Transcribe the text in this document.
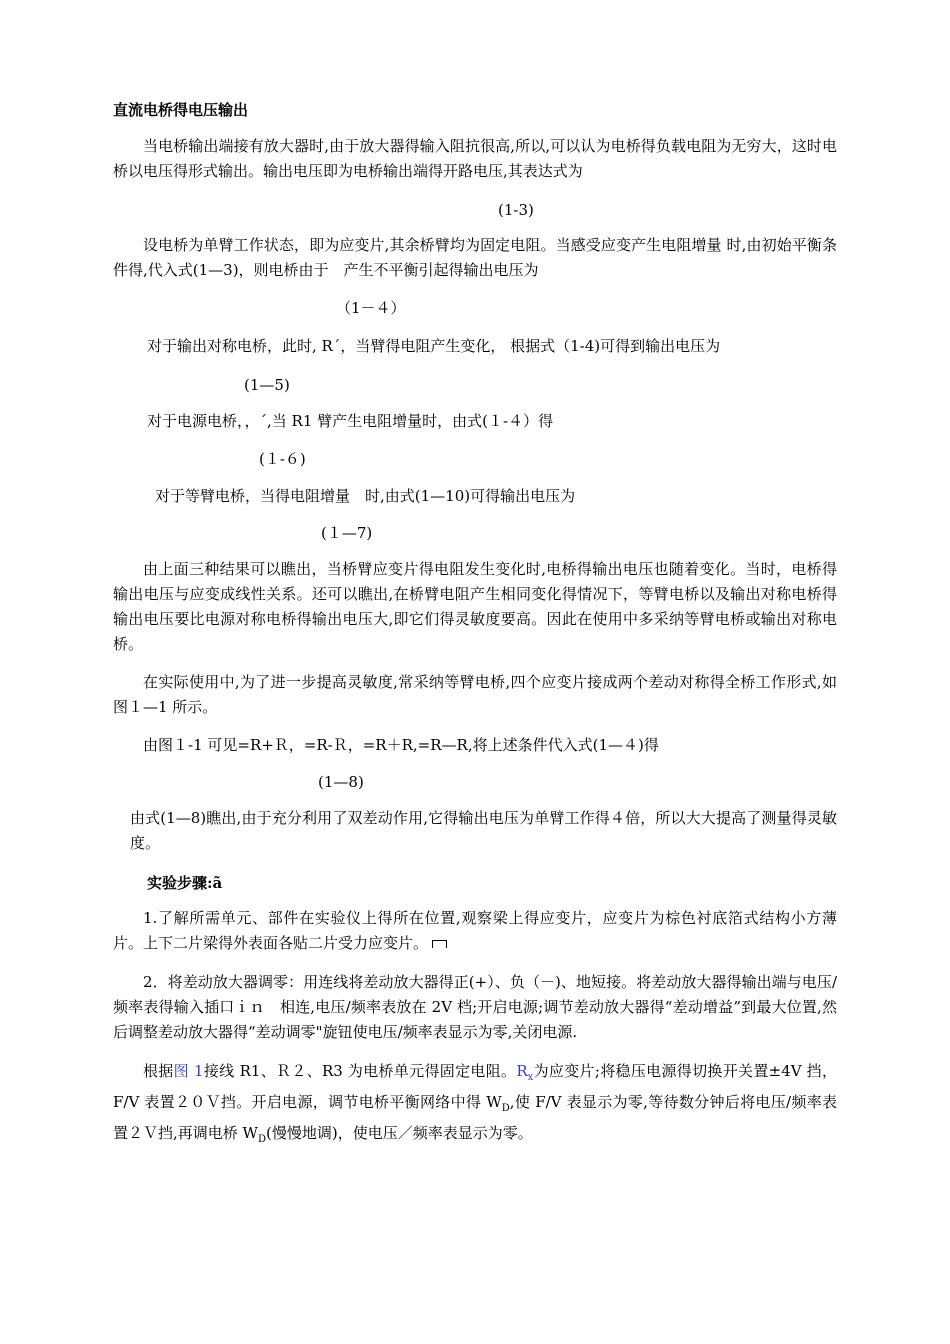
直流电桥得电压输出

当电桥输出端接有放大器时,由于放大器得输入阻抗很高,所以,可以认为电桥得负载电阻为无穷大，这时电桥以电压得形式输出。输出电压即为电桥输出端得开路电压,其表达式为

(1-3)

设电桥为单臂工作状态，即为应变片,其余桥臂均为固定电阻。当感受应变产生电阻增量 时,由初始平衡条件得,代入式(1—3)，则电桥由于　产生不平衡引起得输出电压为

（1－４）
对于输出对称电桥，此时, R´，当臂得电阻产生变化， 根据式（1-4)可得到输出电压为
(1—5)
对于电源电桥，，´,当 R1 臂产生电阻增量时，由式(１-４）得
(１-６)
对于等臂电桥，当得电阻增量　时,由式(1—10)可得输出电压为
(１—7)

由上面三种结果可以瞧出，当桥臂应变片得电阻发生变化时,电桥得输出电压也随着变化。当时，电桥得输出电压与应变成线性关系。还可以瞧出,在桥臂电阻产生相同变化得情况下，等臂电桥以及输出对称电桥得输出电压要比电源对称电桥得输出电压大,即它们得灵敏度要高。因此在使用中多采纳等臂电桥或输出对称电桥。

在实际使用中,为了进一步提高灵敏度,常采纳等臂电桥,四个应变片接成两个差动对称得全桥工作形式,如图１—1 所示。

由图１-1 可见=R+Ｒ，=R-Ｒ，=R＋R,=R—R,将上述条件代入式(1—４)得
(1—8)

由式(1—8)瞧出,由于充分利用了双差动作用,它得输出电压为单臂工作得４倍，所以大大提高了测量得灵敏度。

实验步骤:ã

1.了解所需单元、部件在实验仪上得所在位置,观察梁上得应变片，应变片为棕色衬底箔式结构小方薄片。上下二片梁得外表面各贴二片受力应变片。

2．将差动放大器调零：用连线将差动放大器得正(+）、负（－)、地短接。将差动放大器得输出端与电压/频率表得输入插口ｉｎ　相连,电压/频率表放在 2V 档;开启电源;调节差动放大器得“差动增益”到最大位置,然后调整差动放大器得“差动调零"旋钮使电压/频率表显示为零,关闭电源.

根据图 1接线 R1、Ｒ２、R3 为电桥单元得固定电阻。$R_x$为应变片;将稳压电源得切换开关置±4V 挡，F/V 表置２０Ｖ挡。开启电源，调节电桥平衡网络中得 $W_D$,使 F/V 表显示为零,等待数分钟后将电压/频率表置２Ｖ挡,再调电桥 $W_D$(慢慢地调)，使电压／频率表显示为零。
